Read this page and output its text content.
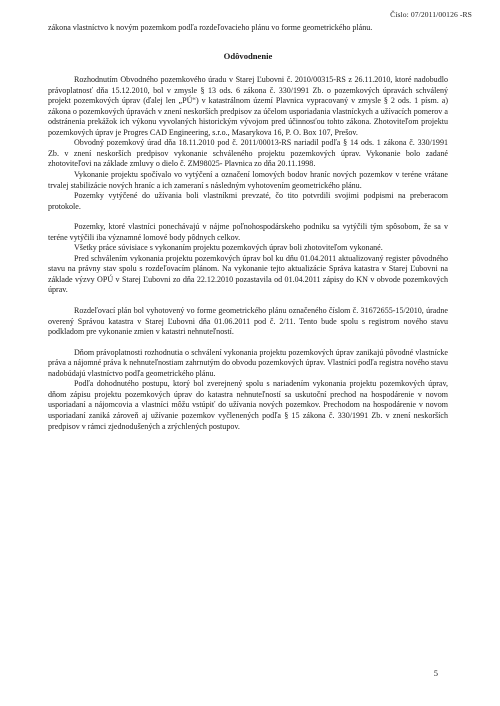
Číslo: 07/2011/00126 -RS

zákona vlastníctvo k novým pozemkom podľa rozdeľovacieho plánu vo forme geometrického plánu.

Odôvodnenie

Rozhodnutím Obvodného pozemkového úradu v Starej Ľubovni č. 2010/00315-RS z 26.11.2010, ktoré nadobudlo právoplatnosť dňa 15.12.2010, bol v zmysle § 13 ods. 6 zákona č. 330/1991 Zb. o pozemkových úpravách schválený projekt pozemkových úprav (ďalej len „PÚ“) v katastrálnom území Plavnica vypracovaný v zmysle § 2 ods. 1 písm. a) zákona o pozemkových úpravách v znení neskorších predpisov za účelom usporiadania vlastníckych a užívacích pomerov a odstránenia prekážok ich výkonu vyvolaných historickým vývojom pred účinnosťou tohto zákona. Zhotoviteľom projektu pozemkových úprav je Progres CAD Engineering, s.r.o., Masarykova 16, P. O. Box 107, Prešov.

Obvodný pozemkový úrad dňa 18.11.2010 pod č. 2011/00013-RS nariadil podľa § 14 ods. 1 zákona č. 330/1991 Zb. v znení neskorších predpisov vykonanie schváleného projektu pozemkových úprav. Vykonanie bolo zadané zhotoviteľovi na základe zmluvy o dielo č. ZM98025- Plavnica zo dňa 20.11.1998.

Vykonanie projektu spočívalo vo vytýčení a označení lomových bodov hraníc nových pozemkov v teréne vrátane trvalej stabilizácie nových hraníc a ich zameraní s následným vyhotovením geometrického plánu.

Pozemky vytýčené do užívania boli vlastníkmi prevzaté, čo tito potvrdili svojimi podpismi na preberacom protokole.

Pozemky, ktoré vlastníci ponechávajú v nájme poľnohospodárskeho podniku sa vytýčili tým spôsobom, že sa v teréne vytýčili iba významné lomové body pôdnych celkov.

Všetky práce súvisiace s vykonaním projektu pozemkových úprav boli zhotoviteľom vykonané.

Pred schválením vykonania projektu pozemkových úprav bol ku dňu 01.04.2011 aktualizovaný register pôvodného stavu na právny stav spolu s rozdeľovacím plánom. Na vykonanie tejto aktualizácie Správa katastra v Starej Ľubovni na základe výzvy OPÚ v Starej Ľubovni zo dňa 22.12.2010 pozastavila od 01.04.2011 zápisy do KN v obvode pozemkových úprav.

Rozdeľovací plán bol vyhotovený vo forme geometrického plánu označeného číslom č. 31672655-15/2010, úradne overený Správou katastra v Starej Ľubovni dňa 01.06.2011 pod č. 2/11. Tento bude spolu s registrom nového stavu podkladom pre vykonanie zmien v katastri nehnuteľností.

Dňom právoplatnosti rozhodnutia o schválení vykonania projektu pozemkových úprav zanikajú pôvodné vlastnícke práva a nájomné práva k nehnuteľnostiam zahrnutým do obvodu pozemkových úprav. Vlastníci podľa registra nového stavu nadobúdajú vlastníctvo podľa geometrického plánu.

Podľa dohodnutého postupu, ktorý bol zverejnený spolu s nariadením vykonania projektu pozemkových úprav, dňom zápisu projektu pozemkových úprav do katastra nehnuteľností sa uskutoční prechod na hospodárenie v novom usporiadaní a nájomcovia a vlastníci môžu vstúpiť do užívania nových pozemkov. Prechodom na hospodárenie v novom usporiadaní zaniká zároveň aj užívanie pozemkov vyčlenených podľa § 15 zákona č. 330/1991 Zb. v znení neskorších predpisov v rámci zjednodušených a zrýchlených postupov.

5
